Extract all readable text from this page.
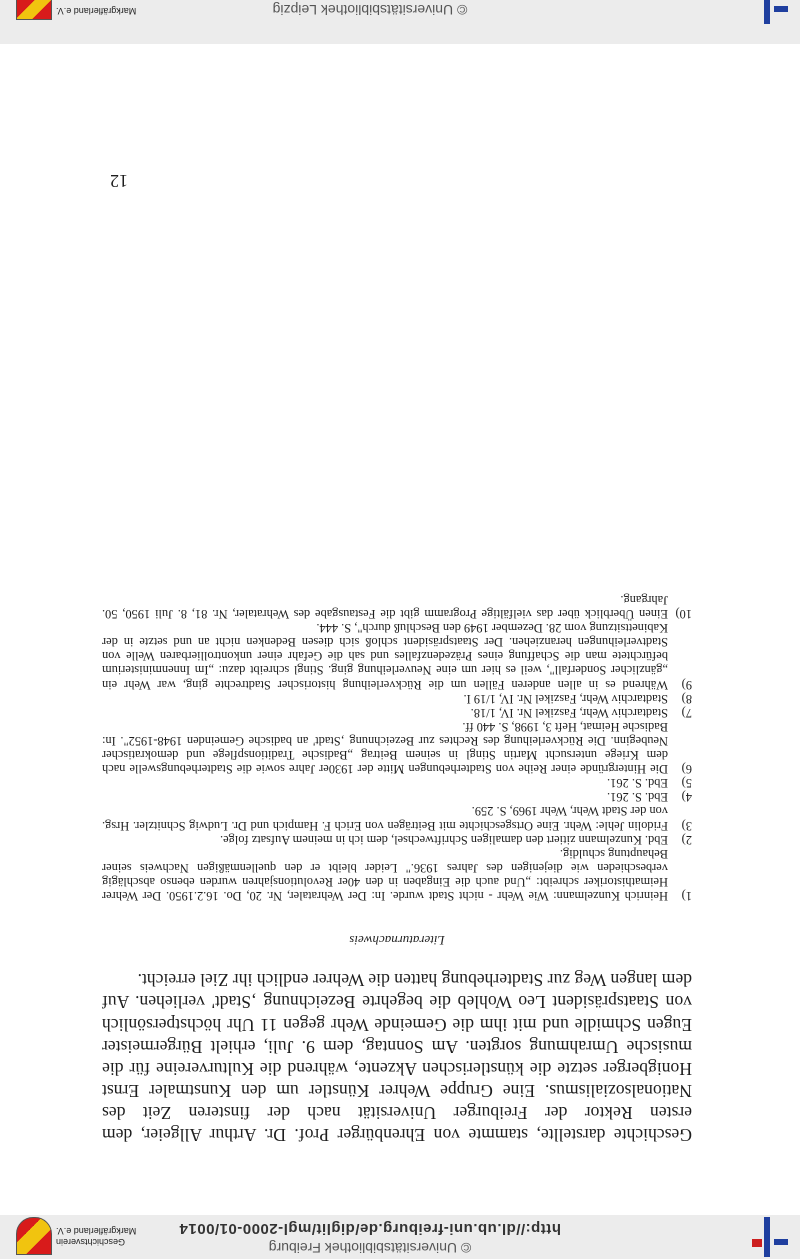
© Universitätsbibliothek Freiburg
http://dl.ub.uni-freiburg.de/diglit/mgl-2000-01/0014
Geschichtsverein
Markgräflerland e.V.

Geschichte darstellte, stammte von Ehrenbürger Prof. Dr. Arthur Allgeier, dem ersten Rektor der Freiburger Universität nach der finsteren Zeit des Nationalsozialismus. Eine Gruppe Wehrer Künstler um den Kunstmaler Ernst Honigberger setzte die künstlerischen Akzente, während die Kulturvereine für die musische Umrahmung sorgten. Am Sonntag, dem 9. Juli, erhielt Bürgermeister Eugen Schmidle und mit ihm die Gemeinde Wehr gegen 11 Uhr höchstpersönlich von Staatspräsident Leo Wohleb die begehrte Bezeichnung ‚Stadt' verliehen. Auf dem langen Weg zur Stadterhebung hatten die Wehrer endlich ihr Ziel erreicht.

Literaturnachweis
1)
Heinrich Kunzelmann: Wie Wehr - nicht Stadt wurde. In: Der Wehrataler, Nr. 20, Do. 16.2.1950. Der Wehrer Heimathistoriker schreibt: „Und auch die Eingaben in den 40er Revolutionsjahren wurden ebenso abschlägig verbeschieden wie diejenigen des Jahres 1936." Leider bleibt er den quellenmäßigen Nachweis seiner Behauptung schuldig.
2)
Ebd. Kunzelmann zitiert den damaligen Schriftwechsel, dem ich in meinem Aufsatz folge.
3)
Fridolin Jehle: Wehr. Eine Ortsgeschichte mit Beiträgen von Erich F. Hampich und Dr. Ludwig Schnitzler. Hrsg. von der Stadt Wehr, Wehr 1969, S. 259.
4)
Ebd. S. 261.
5)
Ebd. S. 261.
6)
Die Hintergründe einer Reihe von Stadterhebungen Mitte der 1930er Jahre sowie die Stadterhebungswelle nach dem Kriege untersucht Martin Stingl in seinem Beitrag „Badische Traditionspflege und demokratischer Neubeginn. Die Rückverleihung des Rechtes zur Bezeichnung ‚Stadt' an badische Gemeinden 1948-1952". In: Badische Heimat, Heft 3, 1998, S. 440 ff.
7)
Stadtarchiv Wehr, Faszikel Nr. IV, 1/18.
8)
Stadtarchiv Wehr, Faszikel Nr. IV, 1/19 I.
9)
Während es in allen anderen Fällen um die Rückverleihung historischer Stadtrechte ging, war Wehr ein „gänzlicher Sonderfall", weil es hier um eine Neuverleihung ging. Stingl schreibt dazu: „Im Innenministerium befürchtete man die Schaffung eines Präzedenzfalles und sah die Gefahr einer unkontrollierbaren Welle von Stadtverleihungen heranziehen. Der Staatspräsident schloß sich diesen Bedenken nicht an und setzte in der Kabinettsitzung vom 28. Dezember 1949 den Beschluß durch", S. 444.
10)
Einen Überblick über das vielfältige Programm gibt die Festausgabe des Wehrataler, Nr. 81, 8. Juli 1950, 50. Jahrgang.
12
© Universitätsbibliothek Leipzig
Markgräflerland e.V.
